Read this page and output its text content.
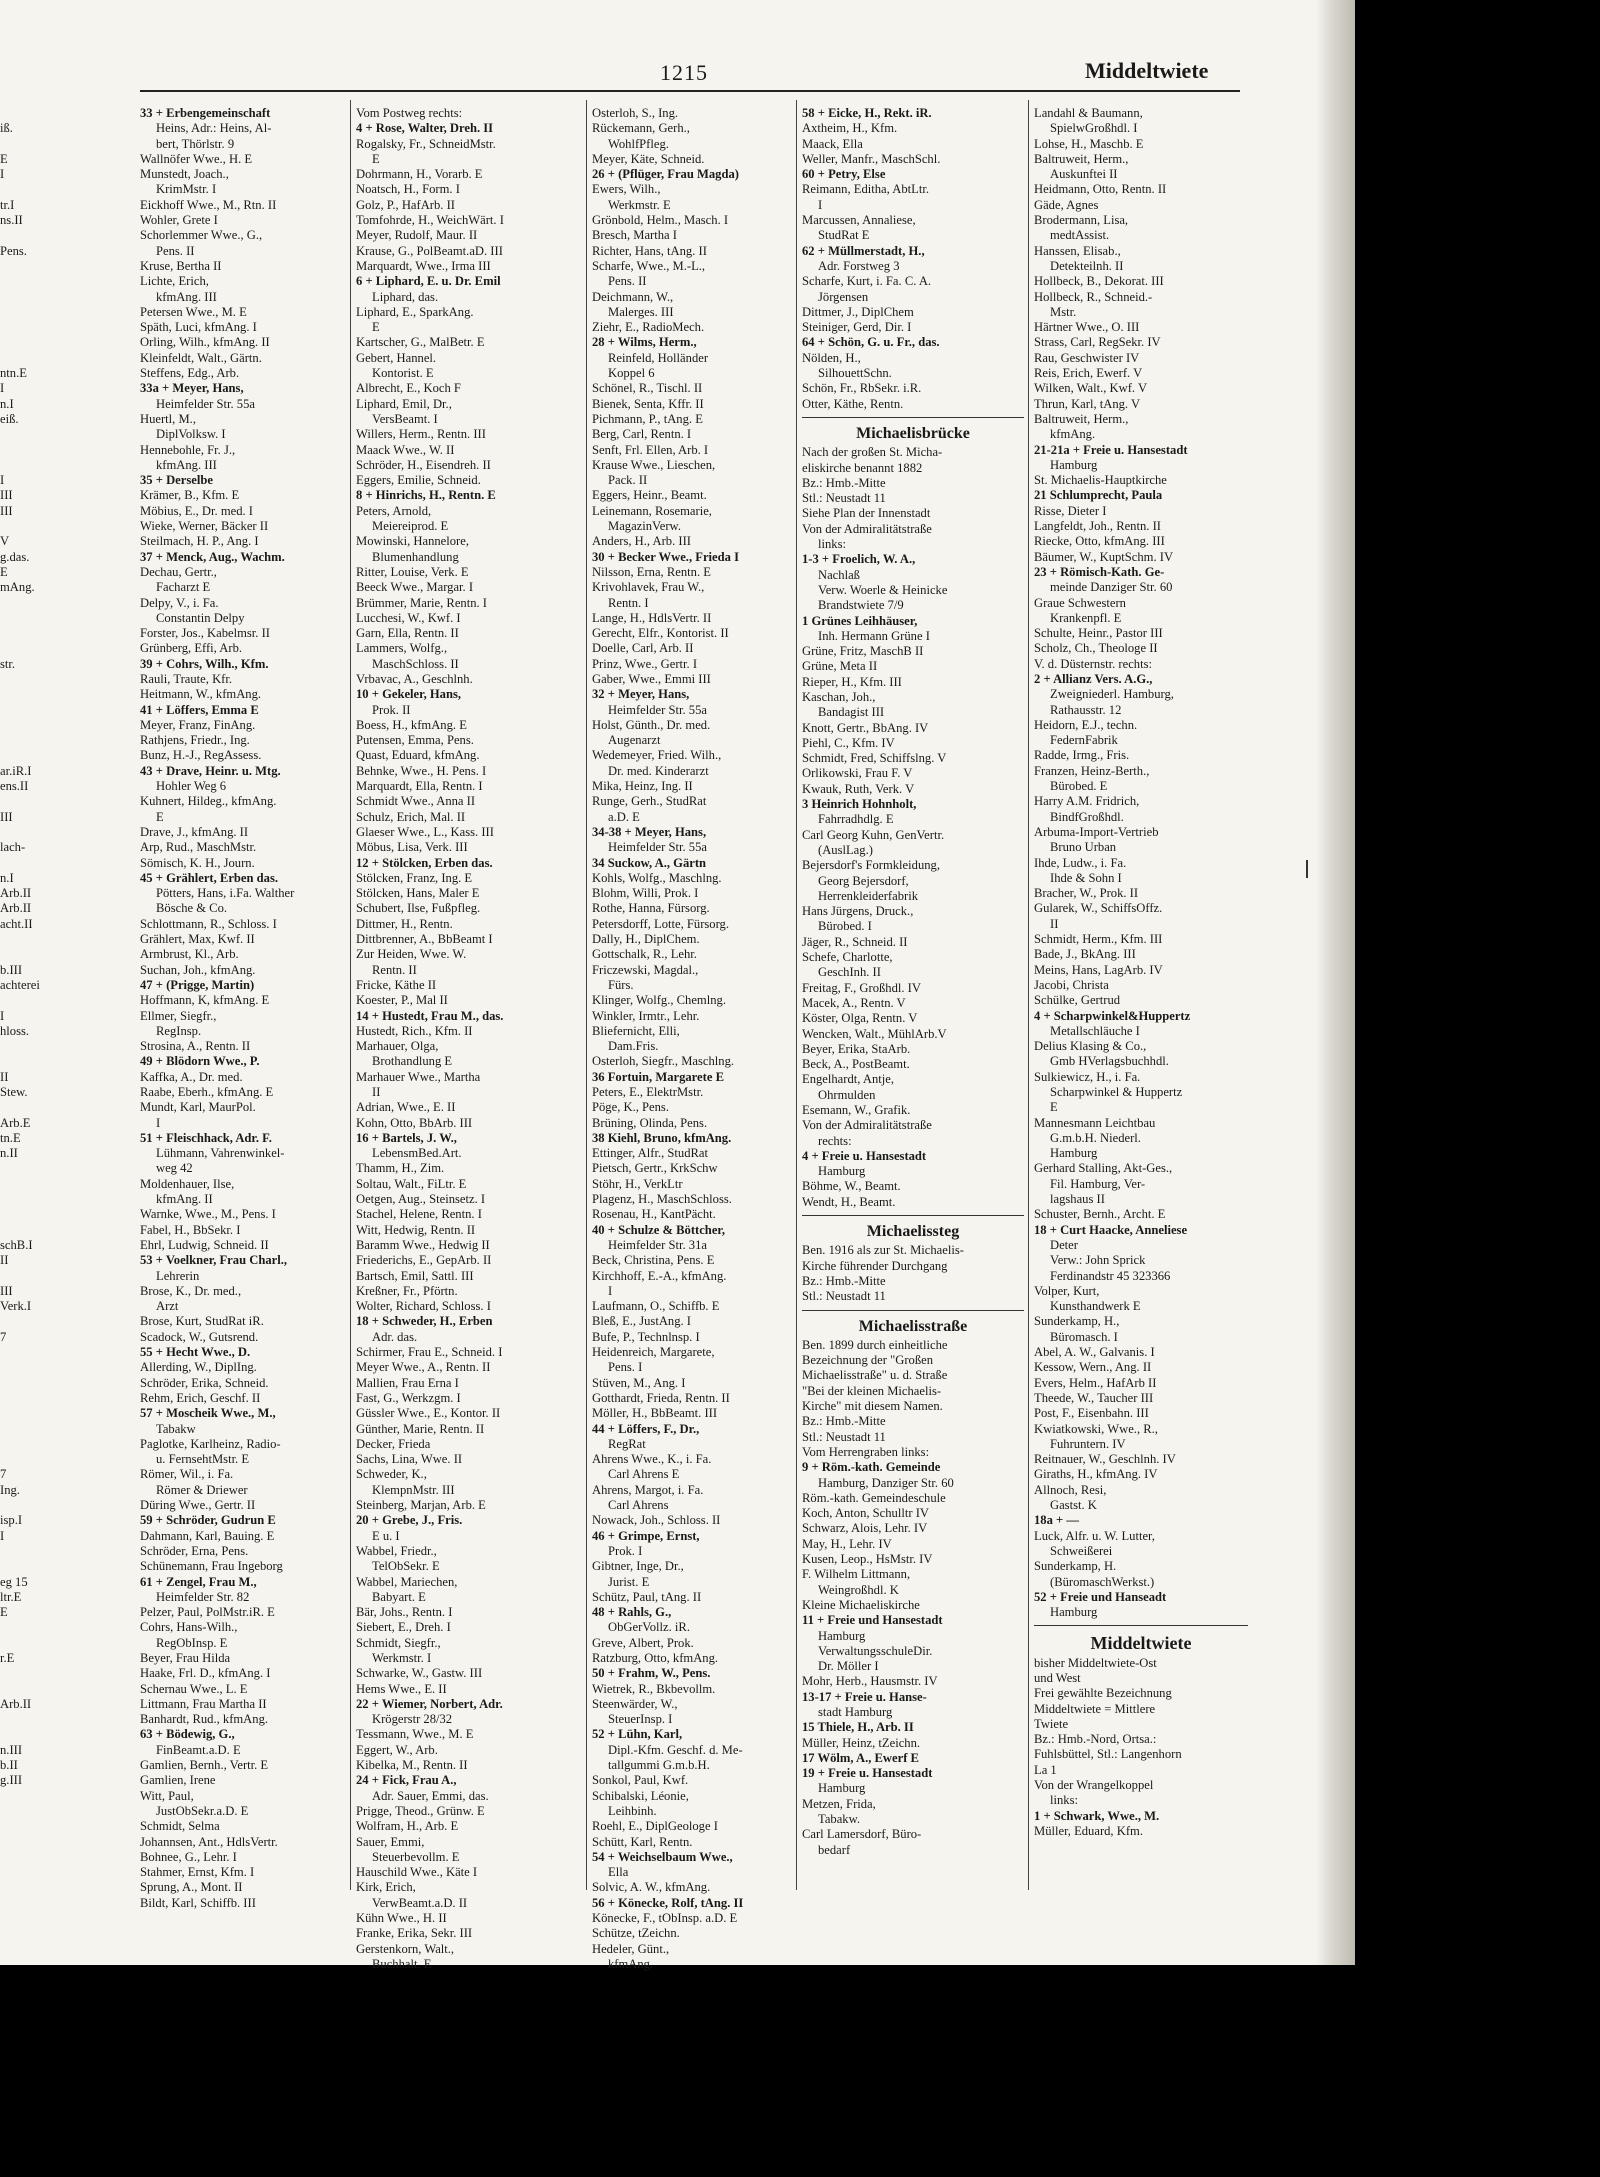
1215	Middeltwiete

iß.

E
I

tr.I
ns.II

Pens.

ntn.E
I
n.I
eiß.

I
III
III

V
g.das.
E
mAng.

str.

ar.iR.I
ens.II

III

lach-

n.I
Arb.II
Arb.II
acht.II

b.III
achterei

I
hloss.

II
Stew.

Arb.E
tn.E
n.II

schB.I
II

III
Verk.I

7

7
Ing.

isp.I
I

eg 15
ltr.E
E

r.E

Arb.II

n.III
b.II
g.III
33 + Erbengemeinschaft
Heins, Adr.: Heins, Al-
bert, Thörlstr. 9
Wallnöfer Wwe., H. E
Munstedt, Joach.,
KrimMstr. I
Eickhoff Wwe., M., Rtn. II
Wohler, Grete I
Schorlemmer Wwe., G.,
Pens. II
Kruse, Bertha II
Lichte, Erich,
kfmAng. III
Petersen Wwe., M. E
Späth, Luci, kfmAng. I
Orling, Wilh., kfmAng. II
Kleinfeldt, Walt., Gärtn.
Steffens, Edg., Arb.
33a + Meyer, Hans,
Heimfelder Str. 55a
Huertl, M.,
DiplVolksw. I
Hennebohle, Fr. J.,
kfmAng. III
35 + Derselbe
Krämer, B., Kfm. E
Möbius, E., Dr. med. I
Wieke, Werner, Bäcker II
Steilmach, H. P., Ang. I
37 + Menck, Aug., Wachm.
Dechau, Gertr.,
Facharzt E
Delpy, V., i. Fa.
Constantin Delpy
Forster, Jos., Kabelmsr. II
Grünberg, Effi, Arb.
39 + Cohrs, Wilh., Kfm.
Rauli, Traute, Kfr.
Heitmann, W., kfmAng.
41 + Löffers, Emma E
Meyer, Franz, FinAng.
Rathjens, Friedr., Ing.
Bunz, H.-J., RegAssess.
43 + Drave, Heinr. u. Mtg.
Hohler Weg 6
Kuhnert, Hildeg., kfmAng.
E
Drave, J., kfmAng. II
Arp, Rud., MaschMstr.
Sömisch, K. H., Journ.
45 + Grählert, Erben das.
Pötters, Hans, i.Fa. Walther
Bösche & Co.
Schlottmann, R., Schloss. I
Grählert, Max, Kwf. II
Armbrust, Kl., Arb.
Suchan, Joh., kfmAng.
47 + (Prigge, Martin)
Hoffmann, K, kfmAng. E
Ellmer, Siegfr.,
RegInsp.
Strosina, A., Rentn. II
49 + Blödorn Wwe., P.
Kaffka, A., Dr. med.
Raabe, Eberh., kfmAng. E
Mundt, Karl, MaurPol.
I
51 + Fleischhack, Adr. F.
Lühmann, Vahrenwinkel-
weg 42
Moldenhauer, Ilse,
kfmAng. II
Warnke, Wwe., M., Pens. I
Fabel, H., BbSekr. I
Ehrl, Ludwig, Schneid. II
53 + Voelkner, Frau Charl.,
Lehrerin
Brose, K., Dr. med.,
Arzt
Brose, Kurt, StudRat iR.
Scadock, W., Gutsrend.
55 + Hecht Wwe., D.
Allerding, W., DiplIng.
Schröder, Erika, Schneid.
Rehm, Erich, Geschf. II
57 + Moscheik Wwe., M.,
Tabakw
Paglotke, Karlheinz, Radio-
u. FernsehtMstr. E
Römer, Wil., i. Fa.
Römer & Driewer
Düring Wwe., Gertr. II
59 + Schröder, Gudrun E
Dahmann, Karl, Bauing. E
Schröder, Erna, Pens.
Schünemann, Frau Ingeborg
61 + Zengel, Frau M.,
Heimfelder Str. 82
Pelzer, Paul, PolMstr.iR. E
Cohrs, Hans-Wilh.,
RegObInsp. E
Beyer, Frau Hilda
Haake, Frl. D., kfmAng. I
Schernau Wwe., L. E
Littmann, Frau Martha II
Banhardt, Rud., kfmAng.
63 + Bödewig, G.,
FinBeamt.a.D. E
Gamlien, Bernh., Vertr. E
Gamlien, Irene
Witt, Paul,
JustObSekr.a.D. E
Schmidt, Selma
Johannsen, Ant., HdlsVertr.
Bohnee, G., Lehr. I
Stahmer, Ernst, Kfm. I
Sprung, A., Mont. II
Bildt, Karl, Schiffb. III
Vom Postweg rechts:
4 + Rose, Walter, Dreh. II
Rogalsky, Fr., SchneidMstr.
E
Dohrmann, H., Vorarb. E
Noatsch, H., Form. I
Golz, P., HafArb. II
Tomfohrde, H., WeichWärt. I
Meyer, Rudolf, Maur. II
Krause, G., PolBeamt.aD. III
Marquardt, Wwe., Irma III
6 + Liphard, E. u. Dr. Emil
Liphard, das.
Liphard, E., SparkAng.
E
Kartscher, G., MalBetr. E
Gebert, Hannel.
Kontorist. E
Albrecht, E., Koch F
Liphard, Emil, Dr.,
VersBeamt. I
Willers, Herm., Rentn. III
Maack Wwe., W. II
Schröder, H., Eisendreh. II
Eggers, Emilie, Schneid.
8 + Hinrichs, H., Rentn. E
Peters, Arnold,
Meiereiprod. E
Mowinski, Hannelore,
Blumenhandlung
Ritter, Louise, Verk. E
Beeck Wwe., Margar. I
Brümmer, Marie, Rentn. I
Lucchesi, W., Kwf. I
Garn, Ella, Rentn. II
Lammers, Wolfg.,
MaschSchloss. II
Vrbavac, A., Geschlnh.
10 + Gekeler, Hans,
Prok. II
Boess, H., kfmAng. E
Putensen, Emma, Pens.
Quast, Eduard, kfmAng.
Behnke, Wwe., H. Pens. I
Marquardt, Ella, Rentn. I
Schmidt Wwe., Anna II
Schulz, Erich, Mal. II
Glaeser Wwe., L., Kass. III
Möbus, Lisa, Verk. III
12 + Stölcken, Erben das.
Stölcken, Franz, Ing. E
Stölcken, Hans, Maler E
Schubert, Ilse, Fußpfleg.
Dittmer, H., Rentn.
Dittbrenner, A., BbBeamt I
Zur Heiden, Wwe. W.
Rentn. II
Fricke, Käthe II
Koester, P., Mal II
14 + Hustedt, Frau M., das.
Hustedt, Rich., Kfm. II
Marhauer, Olga,
Brothandlung E
Marhauer Wwe., Martha
II
Adrian, Wwe., E. II
Kohn, Otto, BbArb. III
16 + Bartels, J. W.,
LebensmBed.Art.
Thamm, H., Zim.
Soltau, Walt., FiLtr. E
Oetgen, Aug., Steinsetz. I
Stachel, Helene, Rentn. I
Witt, Hedwig, Rentn. II
Baramm Wwe., Hedwig II
Friederichs, E., GepArb. II
Bartsch, Emil, Sattl. III
Kreßner, Fr., Pförtn.
Wolter, Richard, Schloss. I
18 + Schweder, H., Erben
Adr. das.
Schirmer, Frau E., Schneid. I
Meyer Wwe., A., Rentn. II
Mallien, Frau Erna I
Fast, G., Werkzgm. I
Güssler Wwe., E., Kontor. II
Günther, Marie, Rentn. II
Decker, Frieda
Sachs, Lina, Wwe. II
Schweder, K.,
KlempnMstr. III
Steinberg, Marjan, Arb. E
20 + Grebe, J., Fris.
E u. I
Wabbel, Friedr.,
TelObSekr. E
Wabbel, Mariechen,
Babyart. E
Bär, Johs., Rentn. I
Siebert, E., Dreh. I
Schmidt, Siegfr.,
Werkmstr. I
Schwarke, W., Gastw. III
Hems Wwe., E. II
22 + Wiemer, Norbert, Adr.
Krögerstr 28/32
Tessmann, Wwe., M. E
Eggert, W., Arb.
Kibelka, M., Rentn. II
24 + Fick, Frau A.,
Adr. Sauer, Emmi, das.
Prigge, Theod., Grünw. E
Wolfram, H., Arb. E
Sauer, Emmi,
Steuerbevollm. E
Hauschild Wwe., Käte I
Kirk, Erich,
VerwBeamt.a.D. II
Kühn Wwe., H. II
Franke, Erika, Sekr. III
Gerstenkorn, Walt.,
Buchhalt. E
Osterloh, S., Ing.
Rückemann, Gerh.,
WohlfPfleg.
Meyer, Käte, Schneid.
26 + (Pflüger, Frau Magda)
Ewers, Wilh.,
Werkmstr. E
Grönbold, Helm., Masch. I
Bresch, Martha I
Richter, Hans, tAng. II
Scharfe, Wwe., M.-L.,
Pens. II
Deichmann, W.,
Malerges. III
Ziehr, E., RadioMech.
28 + Wilms, Herm.,
Reinfeld, Holländer
Koppel 6
Schönel, R., Tischl. II
Bienek, Senta, Kffr. II
Pichmann, P., tAng. E
Berg, Carl, Rentn. I
Senft, Frl. Ellen, Arb. I
Krause Wwe., Lieschen,
Pack. II
Eggers, Heinr., Beamt.
Leinemann, Rosemarie,
MagazinVerw.
Anders, H., Arb. III
30 + Becker Wwe., Frieda I
Nilsson, Erna, Rentn. E
Krivohlavek, Frau W.,
Rentn. I
Lange, H., HdlsVertr. II
Gerecht, Elfr., Kontorist. II
Doelle, Carl, Arb. II
Prinz, Wwe., Gertr. I
Gaber, Wwe., Emmi III
32 + Meyer, Hans,
Heimfelder Str. 55a
Holst, Günth., Dr. med.
Augenarzt
Wedemeyer, Fried. Wilh.,
Dr. med. Kinderarzt
Mika, Heinz, Ing. II
Runge, Gerh., StudRat
a.D. E
34-38 + Meyer, Hans,
Heimfelder Str. 55a
34 Suckow, A., Gärtn
Kohls, Wolfg., Maschlng.
Blohm, Willi, Prok. I
Rothe, Hanna, Fürsorg.
Petersdorff, Lotte, Fürsorg.
Dally, H., DiplChem.
Gottschalk, R., Lehr.
Friczewski, Magdal.,
Fürs.
Klinger, Wolfg., Chemlng.
Winkler, Irmtr., Lehr.
Bliefernicht, Elli,
Dam.Fris.
Osterloh, Siegfr., Maschlng.
36 Fortuin, Margarete E
Peters, E., ElektrMstr.
Pöge, K., Pens.
Brüning, Olinda, Pens.
38 Kiehl, Bruno, kfmAng.
Ettinger, Alfr., StudRat
Pietsch, Gertr., KrkSchw
Stöhr, H., VerkLtr
Plagenz, H., MaschSchloss.
Rosenau, H., KantPächt.
40 + Schulze & Böttcher,
Heimfelder Str. 31a
Beck, Christina, Pens. E
Kirchhoff, E.-A., kfmAng.
I
Laufmann, O., Schiffb. E
Bleß, E., JustAng. I
Bufe, P., Technlnsp. I
Heidenreich, Margarete,
Pens. I
Stüven, M., Ang. I
Gotthardt, Frieda, Rentn. II
Möller, H., BbBeamt. III
44 + Löffers, F., Dr.,
RegRat
Ahrens Wwe., K., i. Fa.
Carl Ahrens E
Ahrens, Margot, i. Fa.
Carl Ahrens
Nowack, Joh., Schloss. II
46 + Grimpe, Ernst,
Prok. I
Gibtner, Inge, Dr.,
Jurist. E
Schütz, Paul, tAng. II
48 + Rahls, G.,
ObGerVollz. iR.
Greve, Albert, Prok.
Ratzburg, Otto, kfmAng.
50 + Frahm, W., Pens.
Wietrek, R., Bkbevollm.
Steenwärder, W.,
SteuerInsp. I
52 + Lühn, Karl,
Dipl.-Kfm. Geschf. d. Me-
tallgummi G.m.b.H.
Sonkol, Paul, Kwf.
Schibalski, Léonie,
Leihbinh.
Roehl, E., DiplGeologe I
Schütt, Karl, Rentn.
54 + Weichselbaum Wwe.,
Ella
Solvic, A. W., kfmAng.
56 + Könecke, Rolf, tAng. II
Könecke, F., tObInsp. a.D. E
Schütze, tZeichn.
Hedeler, Günt.,
kfmAng.
58 + Eicke, H., Rekt. iR.
Axtheim, H., Kfm.
Maack, Ella
Weller, Manfr., MaschSchl.
60 + Petry, Else
Reimann, Editha, AbtLtr.
I
Marcussen, Annaliese,
StudRat E
62 + Müllmerstadt, H.,
Adr. Forstweg 3
Scharfe, Kurt, i. Fa. C. A.
Jörgensen
Dittmer, J., DiplChem
Steiniger, Gerd, Dir. I
64 + Schön, G. u. Fr., das.
Nölden, H.,
SilhouettSchn.
Schön, Fr., RbSekr. i.R.
Otter, Käthe, Rentn.
Michaelisbrücke
Nach der großen St. Micha-
eliskirche benannt 1882
Bz.: Hmb.-Mitte
Stl.: Neustadt 11
Siehe Plan der Innenstadt
Von der Admiralitätstraße
links:
1-3 + Froelich, W. A.,
Nachlaß
Verw. Woerle & Heinicke
Brandstwiete 7/9
1 Grünes Leihhäuser,
Inh. Hermann Grüne I
Grüne, Fritz, MaschB II
Grüne, Meta II
Rieper, H., Kfm. III
Kaschan, Joh.,
Bandagist III
Knott, Gertr., BbAng. IV
Piehl, C., Kfm. IV
Schmidt, Fred, Schiffslng. V
Orlikowski, Frau F. V
Kwauk, Ruth, Verk. V
3 Heinrich Hohnholt,
Fahrradhdlg. E
Carl Georg Kuhn, GenVertr.
(AuslLag.)
Bejersdorf's Formkleidung,
Georg Bejersdorf,
Herrenkleiderfabrik
Hans Jürgens, Druck.,
Bürobed. I
Jäger, R., Schneid. II
Schefe, Charlotte,
GeschInh. II
Freitag, F., Großhdl. IV
Macek, A., Rentn. V
Köster, Olga, Rentn. V
Wencken, Walt., MühlArb.V
Beyer, Erika, StaArb.
Beck, A., PostBeamt.
Engelhardt, Antje,
Ohrmulden
Esemann, W., Grafik.
Von der Admiralitätstraße
rechts:
4 + Freie u. Hansestadt
Hamburg
Böhme, W., Beamt.
Wendt, H., Beamt.
Michaelissteg
Ben. 1916 als zur St. Michaelis-
Kirche führender Durchgang
Bz.: Hmb.-Mitte
Stl.: Neustadt 11
Michaelisstraße
Ben. 1899 durch einheitliche
Bezeichnung der "Großen
Michaelisstraße" u. d. Straße
"Bei der kleinen Michaelis-
Kirche" mit diesem Namen.
Bz.: Hmb.-Mitte
Stl.: Neustadt 11
Vom Herrengraben links:
9 + Röm.-kath. Gemeinde
Hamburg, Danziger Str. 60
Röm.-kath. Gemeindeschule
Koch, Anton, Schulltr IV
Schwarz, Alois, Lehr. IV
May, H., Lehr. IV
Kusen, Leop., HsMstr. IV
F. Wilhelm Littmann,
Weingroßhdl. K
Kleine Michaeliskirche
11 + Freie und Hansestadt
Hamburg
VerwaltungsschuleDir.
Dr. Möller I
Mohr, Herb., Hausmstr. IV
13-17 + Freie u. Hanse-
stadt Hamburg
15 Thiele, H., Arb. II
Müller, Heinz, tZeichn.
17 Wölm, A., Ewerf E
19 + Freie u. Hansestadt
Hamburg
Metzen, Frida,
Tabakw.
Carl Lamersdorf, Büro-
bedarf
Landahl & Baumann,
SpielwGroßhdl. I
Lohse, H., Maschb. E
Baltruweit, Herm.,
Auskunftei II
Heidmann, Otto, Rentn. II
Gäde, Agnes
Brodermann, Lisa,
medtAssist.
Hanssen, Elisab.,
Detekteilnh. II
Hollbeck, B., Dekorat. III
Hollbeck, R., Schneid.-
Mstr.
Härtner Wwe., O. III
Strass, Carl, RegSekr. IV
Rau, Geschwister IV
Reis, Erich, Ewerf. V
Wilken, Walt., Kwf. V
Thrun, Karl, tAng. V
Baltruweit, Herm.,
kfmAng.
21-21a + Freie u. Hansestadt
Hamburg
St. Michaelis-Hauptkirche
21 Schlumprecht, Paula
Risse, Dieter I
Langfeldt, Joh., Rentn. II
Riecke, Otto, kfmAng. III
Bäumer, W., KuptSchm. IV
23 + Römisch-Kath. Ge-
meinde Danziger Str. 60
Graue Schwestern
Krankenpfl. E
Schulte, Heinr., Pastor III
Scholz, Ch., Theologe II
V. d. Düsternstr. rechts:
2 + Allianz Vers. A.G.,
Zweigniederl. Hamburg,
Rathausstr. 12
Heidorn, E.J., techn.
FedernFabrik
Radde, Irmg., Fris.
Franzen, Heinz-Berth.,
Bürobed. E
Harry A.M. Fridrich,
BindfGroßhdl.
Arbuma-Import-Vertrieb
Bruno Urban
Ihde, Ludw., i. Fa.
Ihde & Sohn I
Bracher, W., Prok. II
Gularek, W., SchiffsOffz.
II
Schmidt, Herm., Kfm. III
Bade, J., BkAng. III
Meins, Hans, LagArb. IV
Jacobi, Christa
Schülke, Gertrud
4 + Scharpwinkel&Huppertz
Metallschläuche I
Delius Klasing & Co.,
Gmb HVerlagsbuchhdl.
Sulkiewicz, H., i. Fa.
Scharpwinkel & Huppertz
E
Mannesmann Leichtbau
G.m.b.H. Niederl.
Hamburg
Gerhard Stalling, Akt-Ges.,
Fil. Hamburg, Ver-
lagshaus II
Schuster, Bernh., Archt. E
18 + Curt Haacke, Anneliese
Deter
Verw.: John Sprick
Ferdinandstr 45 323366
Volper, Kurt,
Kunsthandwerk E
Sunderkamp, H.,
Büromasch. I
Abel, A. W., Galvanis. I
Kessow, Wern., Ang. II
Evers, Helm., HafArb II
Theede, W., Taucher III
Post, F., Eisenbahn. III
Kwiatkowski, Wwe., R.,
Fuhruntern. IV
Reitnauer, W., Geschlnh. IV
Giraths, H., kfmAng. IV
Allnoch, Resi,
Gastst. K
18a + —
Luck, Alfr. u. W. Lutter,
Schweißerei
Sunderkamp, H.
(BüromaschWerkst.)
52 + Freie und Hanseadt
Hamburg
Middeltwiete
bisher Middeltwiete-Ost
und West
Frei gewählte Bezeichnung
Middeltwiete = Mittlere
Twiete
Bz.: Hmb.-Nord, Ortsa.:
Fuhlsbüttel, Stl.: Langenhorn
La 1
Von der Wrangelkoppel
links:
1 + Schwark, Wwe., M.
Müller, Eduard, Kfm.
